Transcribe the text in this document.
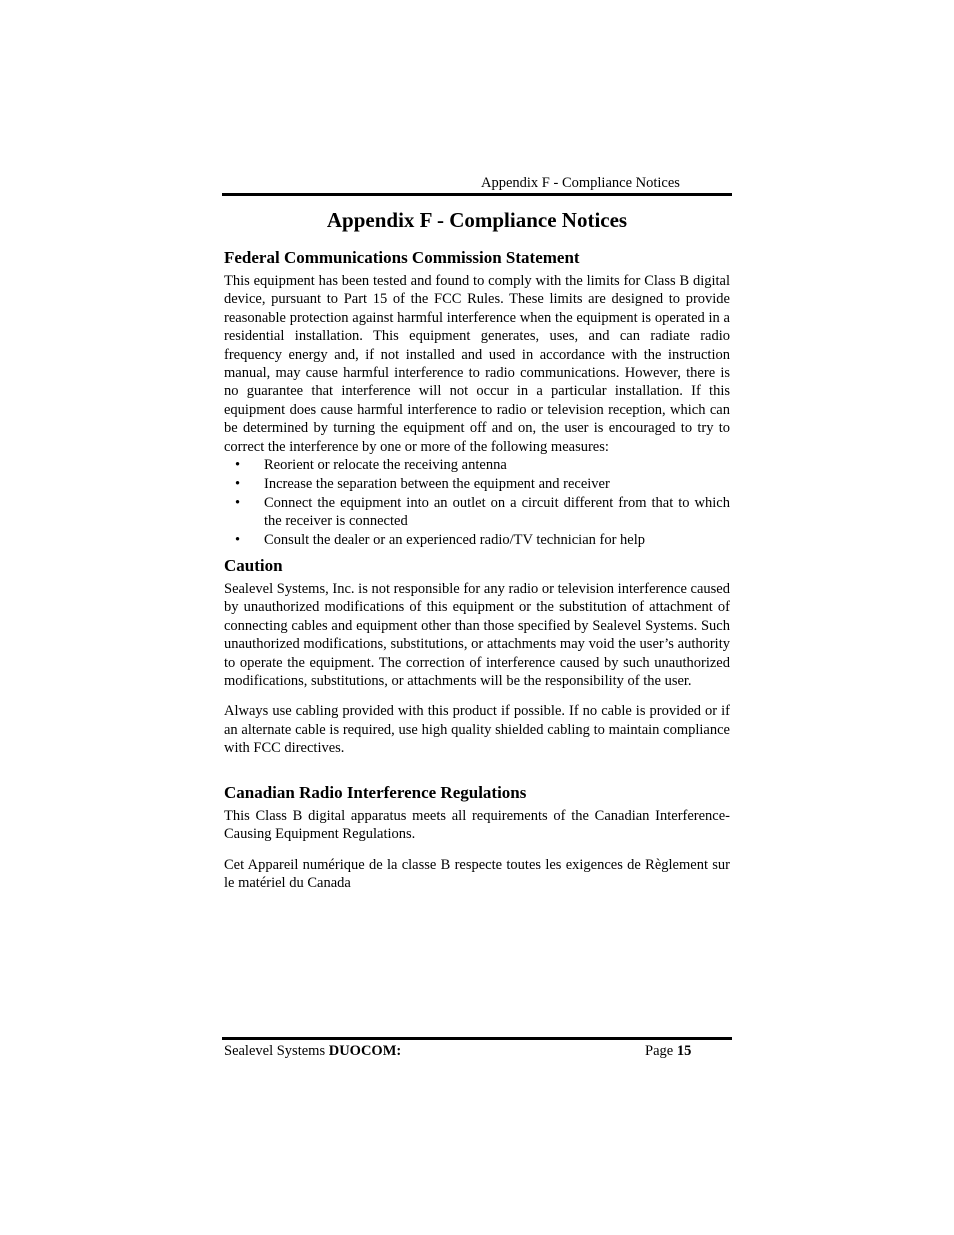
Appendix F - Compliance Notices
Appendix F - Compliance Notices
Federal Communications Commission Statement

This equipment has been tested and found to comply with the limits for Class B digital device, pursuant to Part 15 of the FCC Rules. These limits are designed to provide reasonable protection against harmful interference when the equipment is operated in a residential installation. This equipment generates, uses, and can radiate radio frequency energy and, if not installed and used in accordance with the instruction manual, may cause harmful interference to radio communications. However, there is no guarantee that interference will not occur in a particular installation. If this equipment does cause harmful interference to radio or television reception, which can be determined by turning the equipment off and on, the user is encouraged to try to correct the interference by one or more of the following measures:

• Reorient or relocate the receiving antenna
• Increase the separation between the equipment and receiver
• Connect the equipment into an outlet on a circuit different from that to which the receiver is connected
• Consult the dealer or an experienced radio/TV technician for help
Caution

Sealevel Systems, Inc. is not responsible for any radio or television interference caused by unauthorized modifications of this equipment or the substitution of attachment of connecting cables and equipment other than those specified by Sealevel Systems. Such unauthorized modifications, substitutions, or attachments may void the user’s authority to operate the equipment. The correction of interference caused by such unauthorized modifications, substitutions, or attachments will be the responsibility of the user.

Always use cabling provided with this product if possible. If no cable is provided or if an alternate cable is required, use high quality shielded cabling to maintain compliance with FCC directives.

Canadian Radio Interference Regulations

This Class B digital apparatus meets all requirements of the Canadian Interference-Causing Equipment Regulations.

Cet Appareil numérique de la classe B respecte toutes les exigences de Règlement sur le matériel du Canada

Sealevel Systems DUOCOM:	Page 15
